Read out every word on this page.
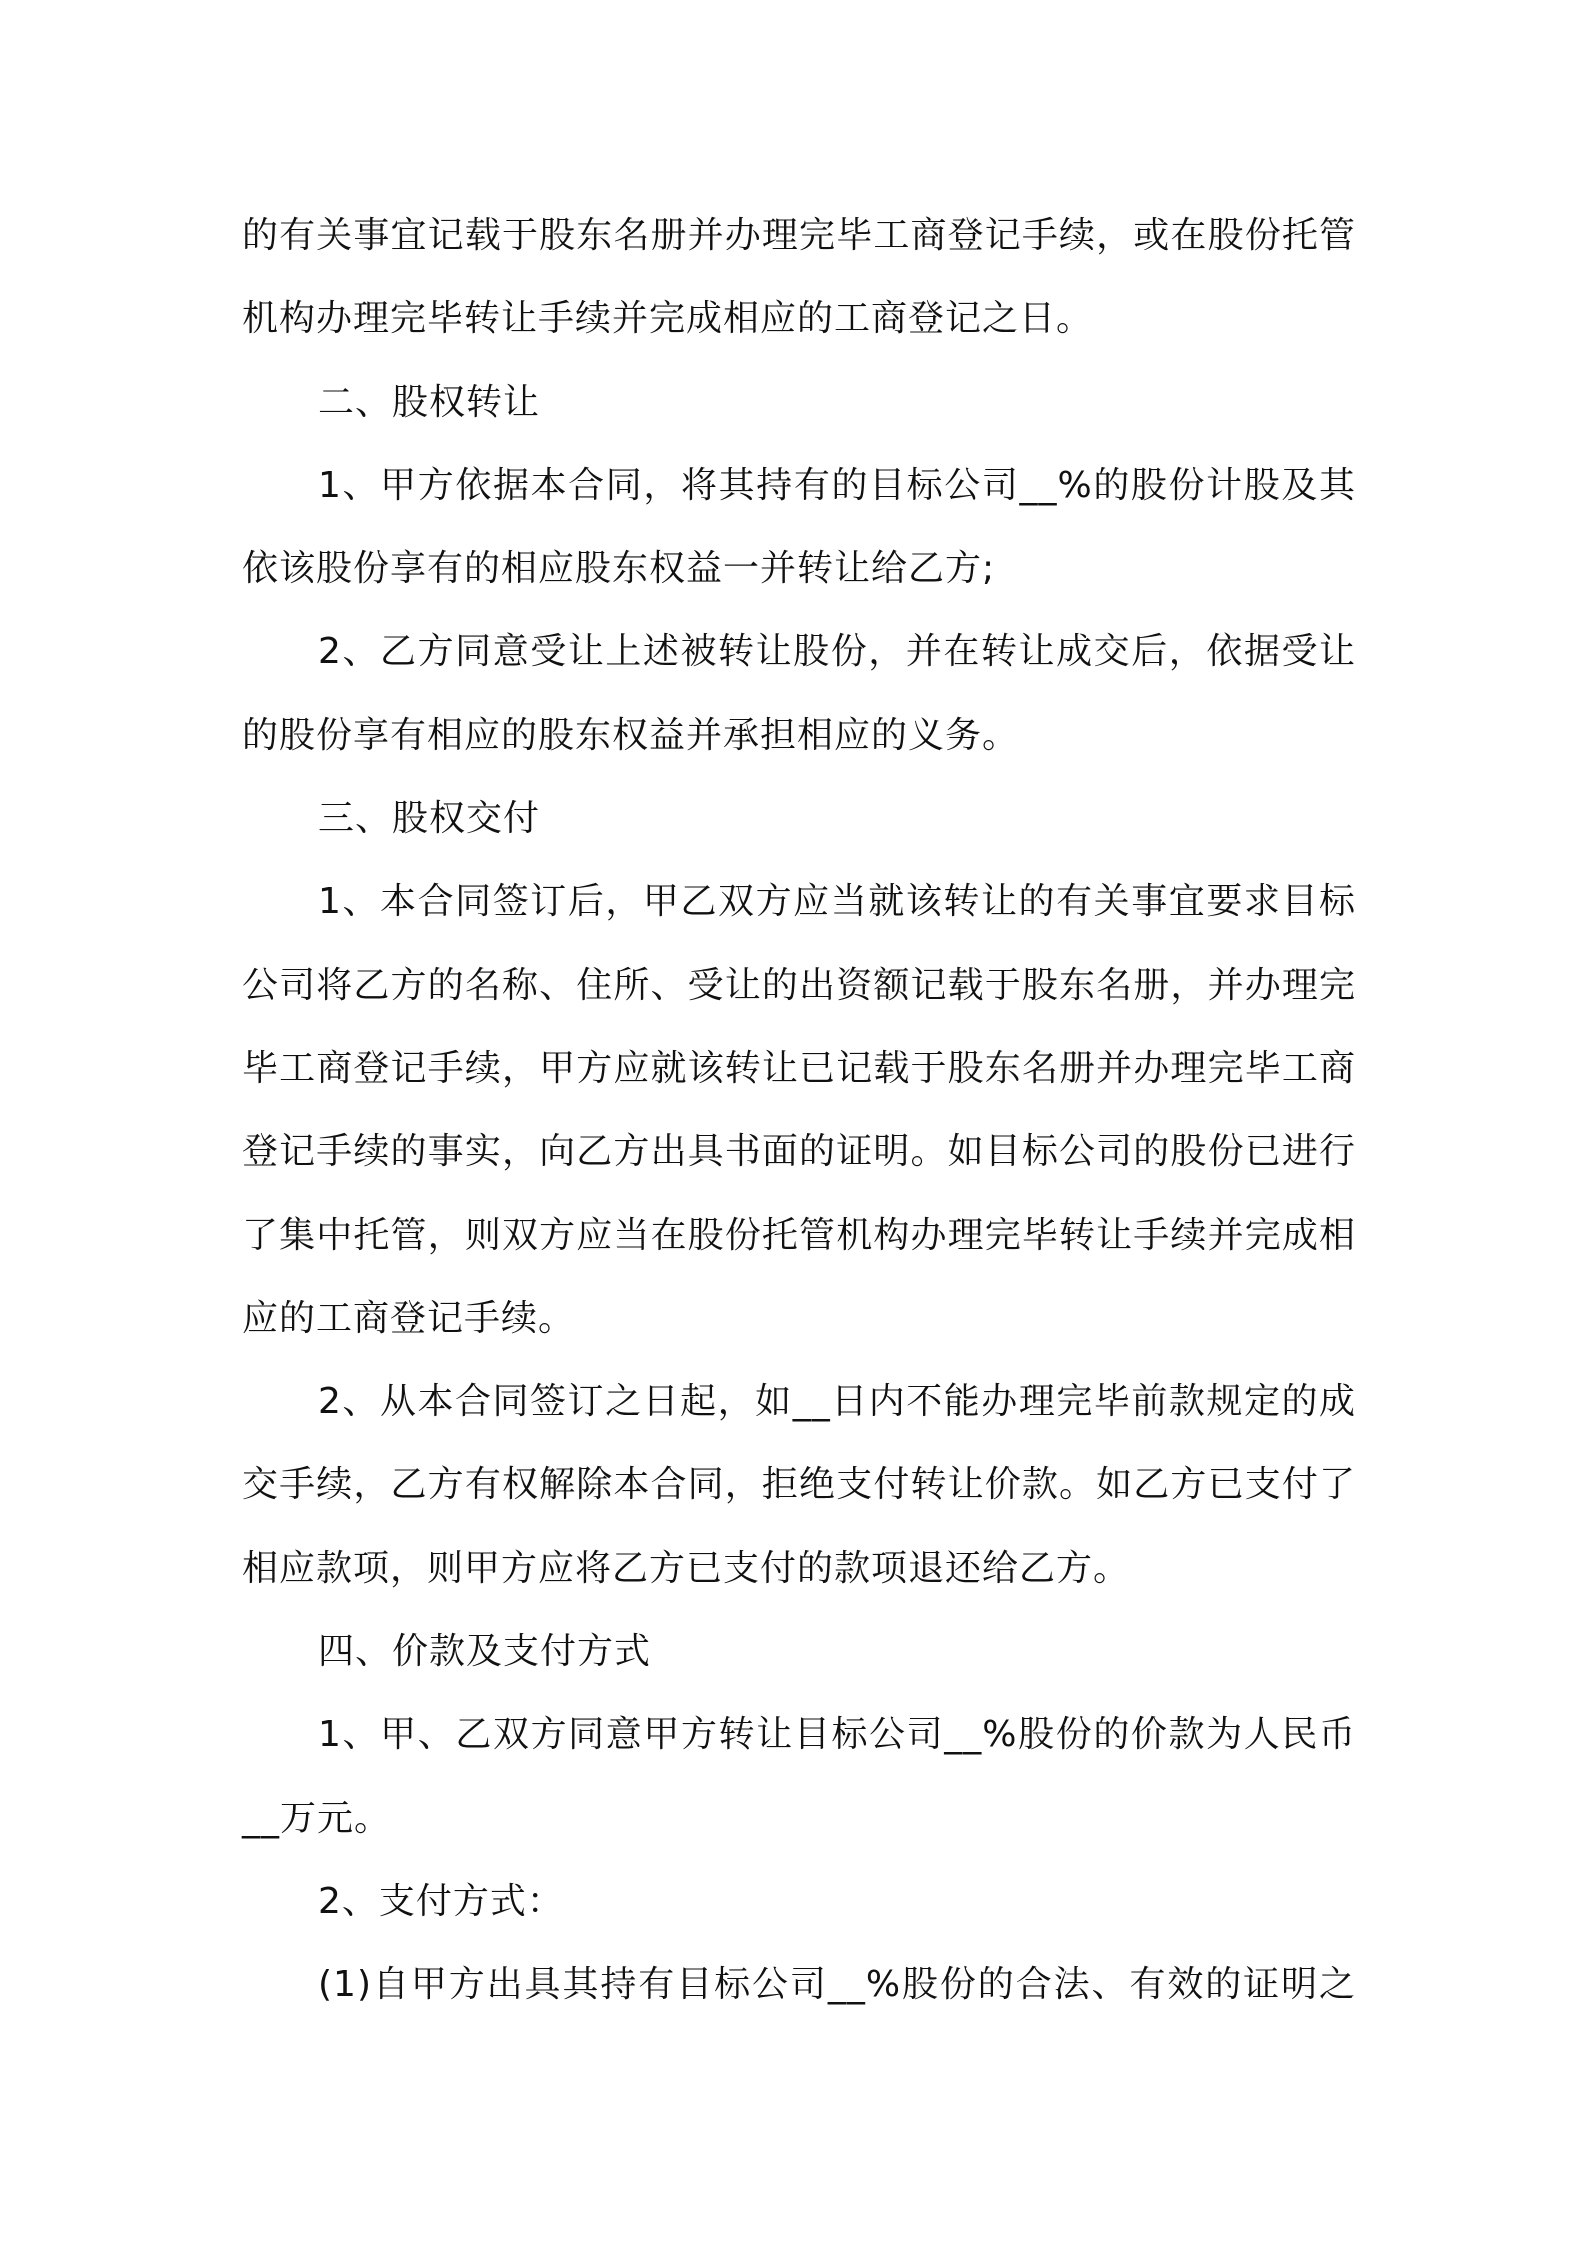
的有关事宜记载于股东名册并办理完毕工商登记手续，或在股份托管
机构办理完毕转让手续并完成相应的工商登记之日。
二、股权转让
1、甲方依据本合同，将其持有的目标公司__%的股份计股及其
依该股份享有的相应股东权益一并转让给乙方;
2、乙方同意受让上述被转让股份，并在转让成交后，依据受让
的股份享有相应的股东权益并承担相应的义务。
三、股权交付
1、本合同签订后，甲乙双方应当就该转让的有关事宜要求目标
公司将乙方的名称、住所、受让的出资额记载于股东名册，并办理完
毕工商登记手续，甲方应就该转让已记载于股东名册并办理完毕工商
登记手续的事实，向乙方出具书面的证明。如目标公司的股份已进行
了集中托管，则双方应当在股份托管机构办理完毕转让手续并完成相
应的工商登记手续。
2、从本合同签订之日起，如__日内不能办理完毕前款规定的成
交手续，乙方有权解除本合同，拒绝支付转让价款。如乙方已支付了
相应款项，则甲方应将乙方已支付的款项退还给乙方。
四、价款及支付方式
1、甲、乙双方同意甲方转让目标公司__%股份的价款为人民币
__万元。
2、支付方式：
(1)自甲方出具其持有目标公司__%股份的合法、有效的证明之
